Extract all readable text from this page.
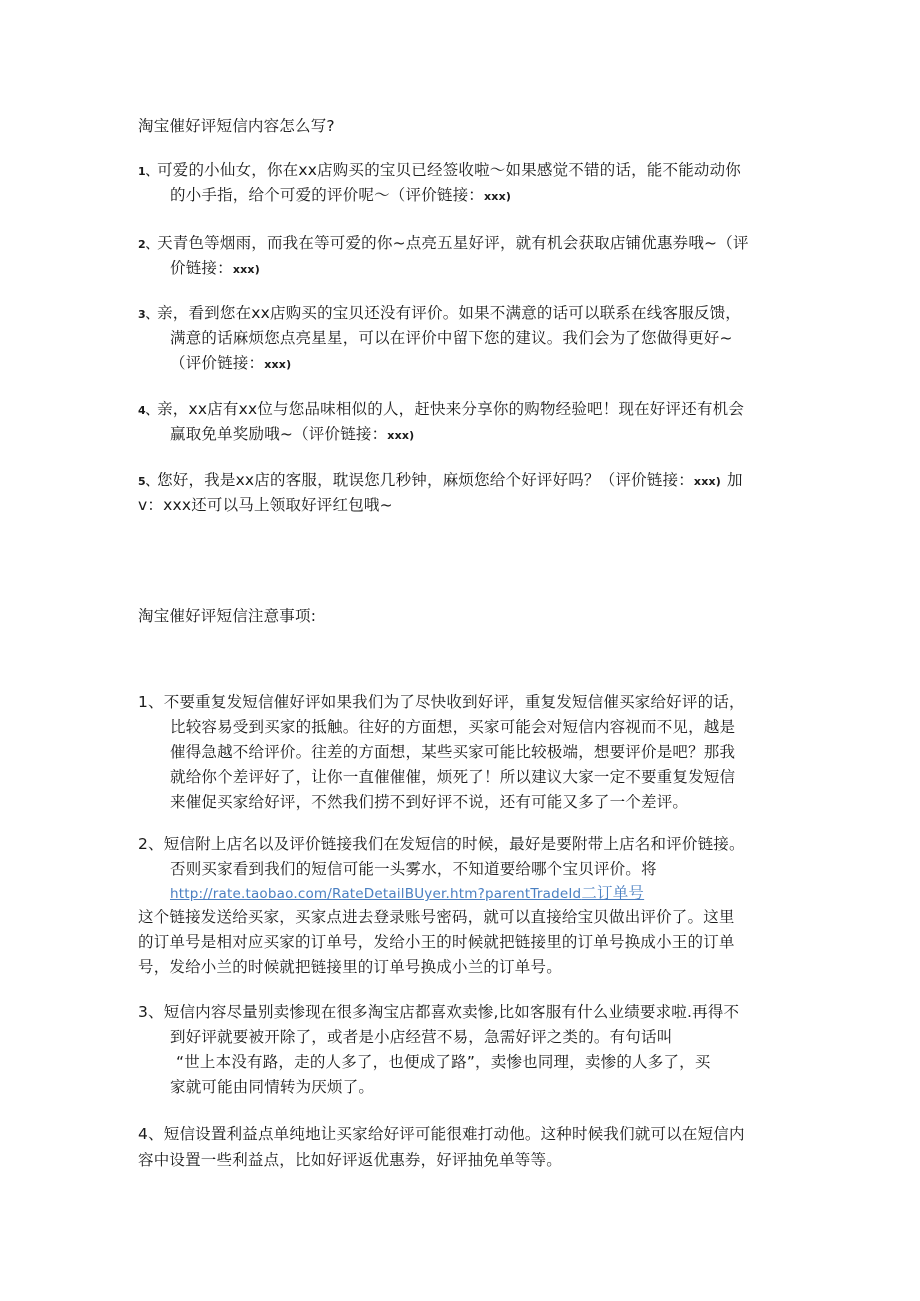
淘宝催好评短信内容怎么写?
1、可爱的小仙女，你在xx店购买的宝贝已经签收啦〜如果感觉不错的话，能不能动动你
的小手指，给个可爱的评价呢〜（评价链接：xxx)
2、天青色等烟雨，而我在等可爱的你~点亮五星好评，就有机会获取店铺优惠券哦~（评
价链接：xxx)
3、亲，看到您在xx店购买的宝贝还没有评价。如果不满意的话可以联系在线客服反馈，
满意的话麻烦您点亮星星，可以在评价中留下您的建议。我们会为了您做得更好~
（评价链接：xxx)
4、亲，xx店有xx位与您品味相似的人，赶快来分享你的购物经验吧！现在好评还有机会
赢取免单奖励哦~（评价链接：xxx)
5、您好，我是xx店的客服，耽误您几秒钟，麻烦您给个好评好吗？（评价链接：xxx) 加
v：xxx还可以马上领取好评红包哦~
淘宝催好评短信注意事项:
1、不要重复发短信催好评如果我们为了尽快收到好评，重复发短信催买家给好评的话，
比较容易受到买家的抵触。往好的方面想，买家可能会对短信内容视而不见，越是
催得急越不给评价。往差的方面想，某些买家可能比较极端，想要评价是吧？那我
就给你个差评好了，让你一直催催催，烦死了！所以建议大家一定不要重复发短信
来催促买家给好评，不然我们捞不到好评不说，还有可能又多了一个差评。
2、短信附上店名以及评价链接我们在发短信的时候，最好是要附带上店名和评价链接。
否则买家看到我们的短信可能一头雾水，不知道要给哪个宝贝评价。将
http://rate.taobao.com/RateDetailBUyer.htm?parentTradeId二订单号
这个链接发送给买家，买家点进去登录账号密码，就可以直接给宝贝做出评价了。这里
的订单号是相对应买家的订单号，发给小王的时候就把链接里的订单号换成小王的订单
号，发给小兰的时候就把链接里的订单号换成小兰的订单号。
3、短信内容尽量别卖惨现在很多淘宝店都喜欢卖惨,比如客服有什么业绩要求啦.再得不
到好评就要被开除了，或者是小店经营不易，急需好评之类的。有句话叫
“世上本没有路，走的人多了，也便成了路”，卖惨也同理，卖惨的人多了，买
家就可能由同情转为厌烦了。
4、短信设置利益点单纯地让买家给好评可能很难打动他。这种时候我们就可以在短信内
容中设置一些利益点，比如好评返优惠券，好评抽免单等等。
